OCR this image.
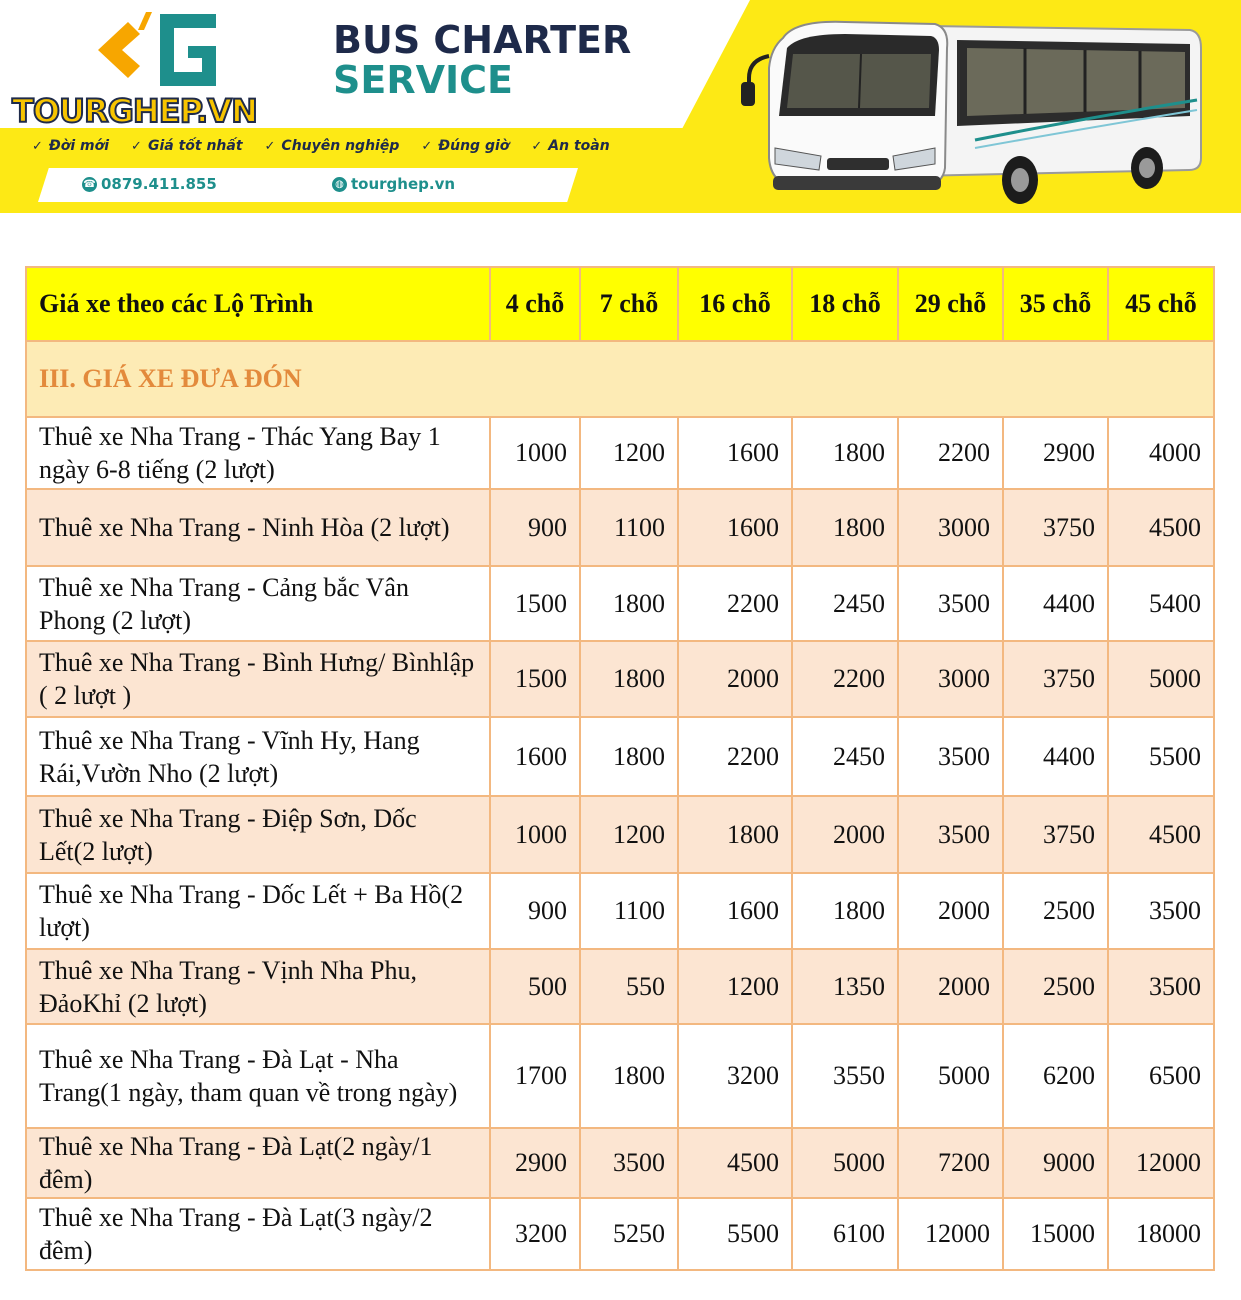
TOURGHEP.VN
BUS CHARTER
SERVICE
✓ Đời mới ✓ Giá tốt nhất ✓ Chuyên nghiệp ✓ Đúng giờ ✓ An toàn
☎ 0879.411.855	◍ tourghep.vn
Giá xe theo các Lộ Trình	4 chỗ	7 chỗ	16 chỗ	18 chỗ	29 chỗ	35 chỗ	45 chỗ
III. GIÁ XE ĐƯA ĐÓN							
Thuê xe Nha Trang - Thác Yang Bay 1 ngày 6-8 tiếng (2 lượt)	1000	1200	1600	1800	2200	2900	4000
Thuê xe Nha Trang - Ninh Hòa (2 lượt)	900	1100	1600	1800	3000	3750	4500
Thuê xe Nha Trang - Cảng bắc Vân Phong (2 lượt)	1500	1800	2200	2450	3500	4400	5400
Thuê xe Nha Trang - Bình Hưng/ Bìnhlập ( 2 lượt )	1500	1800	2000	2200	3000	3750	5000
Thuê xe Nha Trang - Vĩnh Hy, Hang Rái,Vườn Nho (2 lượt)	1600	1800	2200	2450	3500	4400	5500
Thuê xe Nha Trang - Điệp Sơn, Dốc Lết(2 lượt)	1000	1200	1800	2000	3500	3750	4500
Thuê xe Nha Trang - Dốc Lết + Ba Hồ(2 lượt)	900	1100	1600	1800	2000	2500	3500
Thuê xe Nha Trang - Vịnh Nha Phu, ĐảoKhỉ (2 lượt)	500	550	1200	1350	2000	2500	3500
Thuê xe Nha Trang - Đà Lạt - Nha Trang(1 ngày, tham quan về trong ngày)	1700	1800	3200	3550	5000	6200	6500
Thuê xe Nha Trang - Đà Lạt(2 ngày/1 đêm)	2900	3500	4500	5000	7200	9000	12000
Thuê xe Nha Trang - Đà Lạt(3 ngày/2 đêm)	3200	5250	5500	6100	12000	15000	18000
